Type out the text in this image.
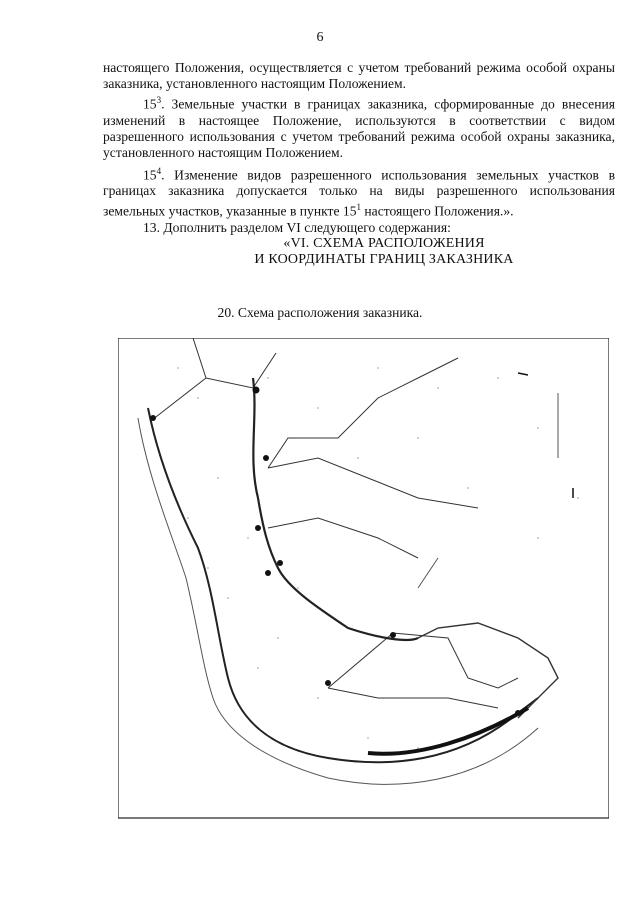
6

настоящего Положения, осуществляется с учетом требований режима особой охраны заказника, установленного настоящим Положением.

$15^3$. Земельные участки в границах заказника, сформированные до внесения изменений в настоящее Положение, используются в соответствии с видом разрешенного использования с учетом требований режима особой охраны заказника, установленного настоящим Положением.

$15^4$. Изменение видов разрешенного использования земельных участков в границах заказника допускается только на виды разрешенного использования земельных участков, указанные в пункте $15^1$ настоящего Положения.».

13. Дополнить разделом VI следующего содержания:

«VI. СХЕМА РАСПОЛОЖЕНИЯ
И КООРДИНАТЫ ГРАНИЦ ЗАКАЗНИКА
20. Схема расположения заказника.
